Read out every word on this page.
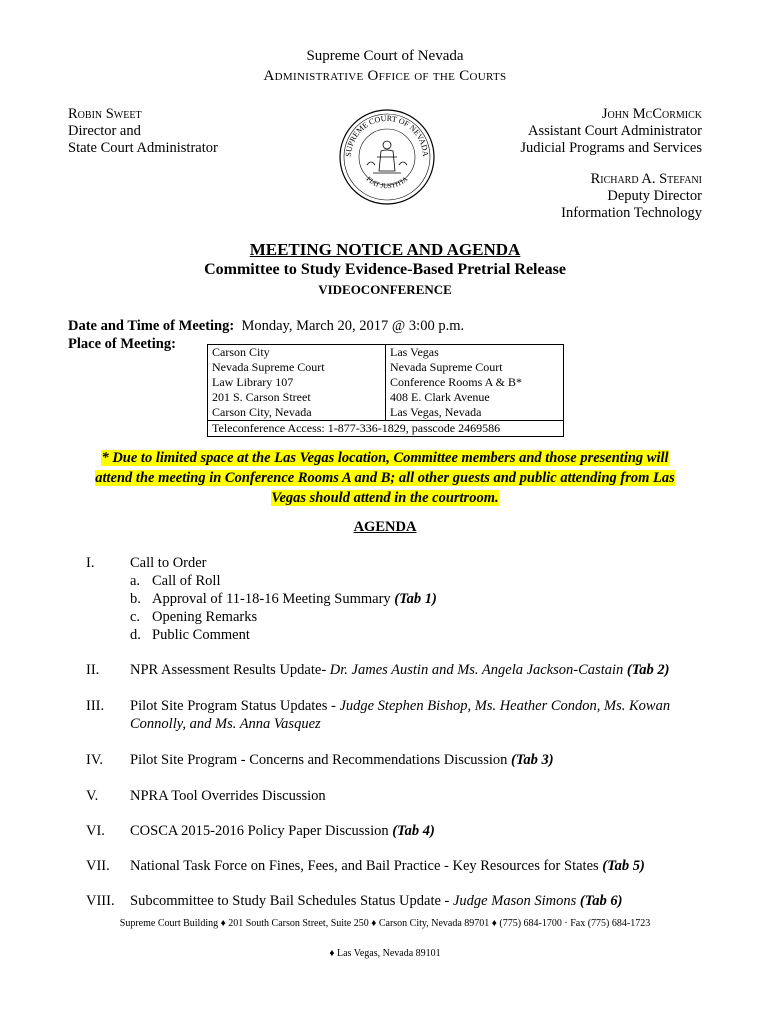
Supreme Court of Nevada
Administrative Office of the Courts
Robin Sweet
Director and
State Court Administrator
John McCormick
Assistant Court Administrator
Judicial Programs and Services
Richard A. Stefani
Deputy Director
Information Technology
SUPREME COURT OF NEVADA
FIAT JUSTITIA
MEETING NOTICE AND AGENDA
Committee to Study Evidence-Based Pretrial Release
VIDEOCONFERENCE
Date and Time of Meeting: Monday, March 20, 2017 @ 3:00 p.m.
Place of Meeting:	Carson City
Nevada Supreme Court
Law Library 107
201 S. Carson Street
Carson City, Nevada

Las Vegas
Nevada Supreme Court
Conference Rooms A & B*
408 E. Clark Avenue
Las Vegas, Nevada

Teleconference Access: 1-877-336-1829, passcode 2469586
* Due to limited space at the Las Vegas location, Committee members and those presenting will
attend the meeting in Conference Rooms A and B; all other guests and public attending from Las
Vegas should attend in the courtroom.
AGENDA
I.	Call to Order
a. Call of Roll
b. Approval of 11-18-16 Meeting Summary (Tab 1)
c. Opening Remarks
d. Public Comment
II.	NPR Assessment Results Update- Dr. James Austin and Ms. Angela Jackson-Castain (Tab 2)
III.	Pilot Site Program Status Updates - Judge Stephen Bishop, Ms. Heather Condon, Ms. Kowan Connolly, and Ms. Anna Vasquez
IV.	Pilot Site Program - Concerns and Recommendations Discussion (Tab 3)
V.	NPRA Tool Overrides Discussion
VI.	COSCA 2015-2016 Policy Paper Discussion (Tab 4)
VII.	National Task Force on Fines, Fees, and Bail Practice - Key Resources for States (Tab 5)
VIII.	Subcommittee to Study Bail Schedules Status Update - Judge Mason Simons (Tab 6)
Supreme Court Building ♦ 201 South Carson Street, Suite 250 ♦ Carson City, Nevada 89701 ♦ (775) 684-1700 · Fax (775) 684-1723
♦ Las Vegas, Nevada 89101
